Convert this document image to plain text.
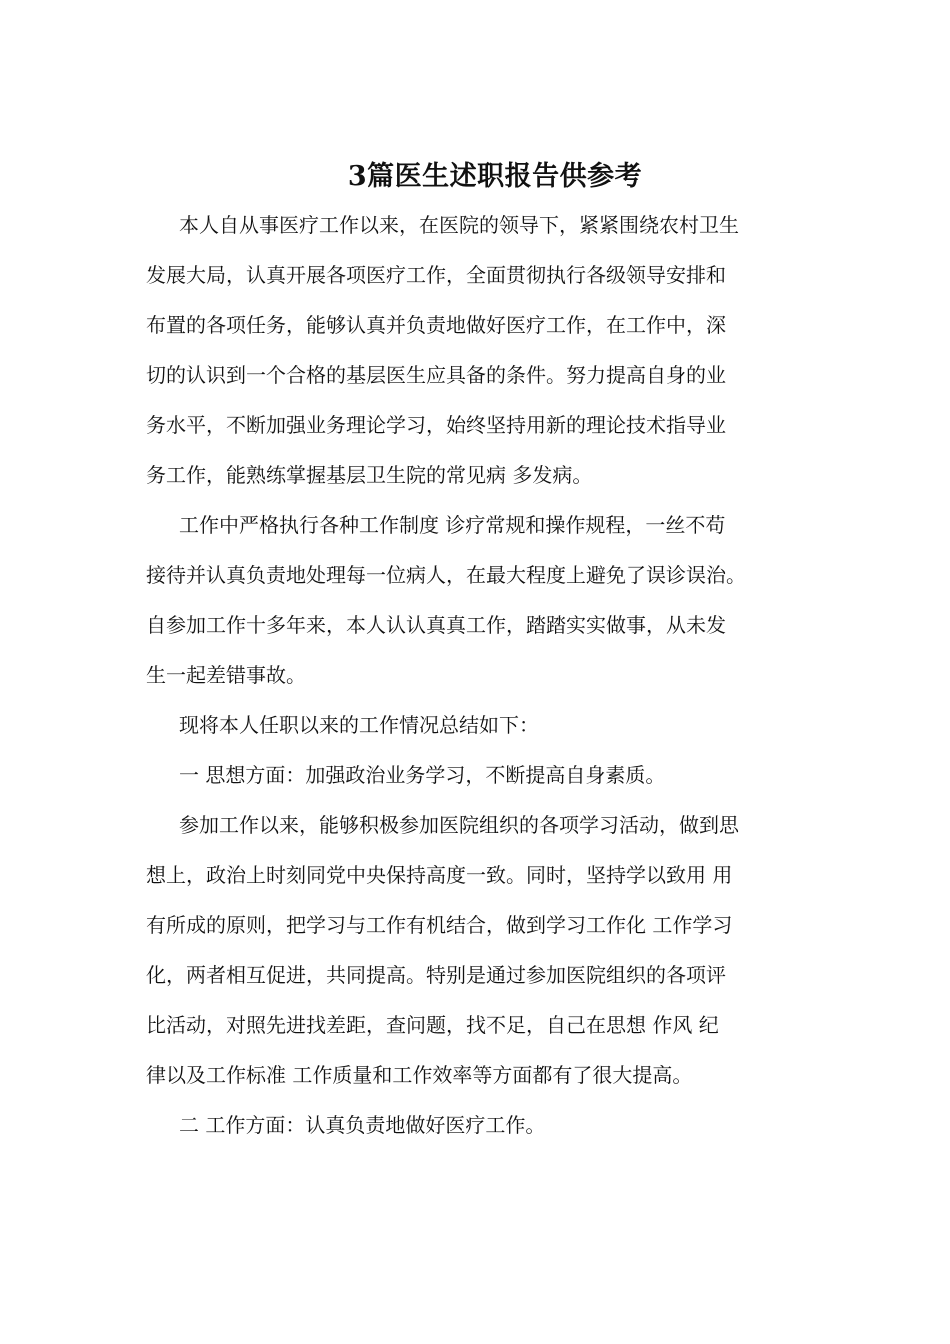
3篇医生述职报告供参考
本人自从事医疗工作以来，在医院的领导下，紧紧围绕农村卫生
发展大局，认真开展各项医疗工作，全面贯彻执行各级领导安排和
布置的各项任务，能够认真并负责地做好医疗工作，在工作中，深
切的认识到一个合格的基层医生应具备的条件。努力提高自身的业
务水平，不断加强业务理论学习，始终坚持用新的理论技术指导业
务工作，能熟练掌握基层卫生院的常见病 多发病。
工作中严格执行各种工作制度 诊疗常规和操作规程，一丝不苟
接待并认真负责地处理每一位病人，在最大程度上避免了误诊误治。
自参加工作十多年来，本人认认真真工作，踏踏实实做事，从未发
生一起差错事故。
现将本人任职以来的工作情况总结如下：
一 思想方面：加强政治业务学习，不断提高自身素质。
参加工作以来，能够积极参加医院组织的各项学习活动，做到思
想上，政治上时刻同党中央保持高度一致。同时，坚持学以致用 用
有所成的原则，把学习与工作有机结合，做到学习工作化 工作学习
化，两者相互促进，共同提高。特别是通过参加医院组织的各项评
比活动，对照先进找差距，查问题，找不足，自己在思想 作风 纪
律以及工作标准 工作质量和工作效率等方面都有了很大提高。
二 工作方面：认真负责地做好医疗工作。
